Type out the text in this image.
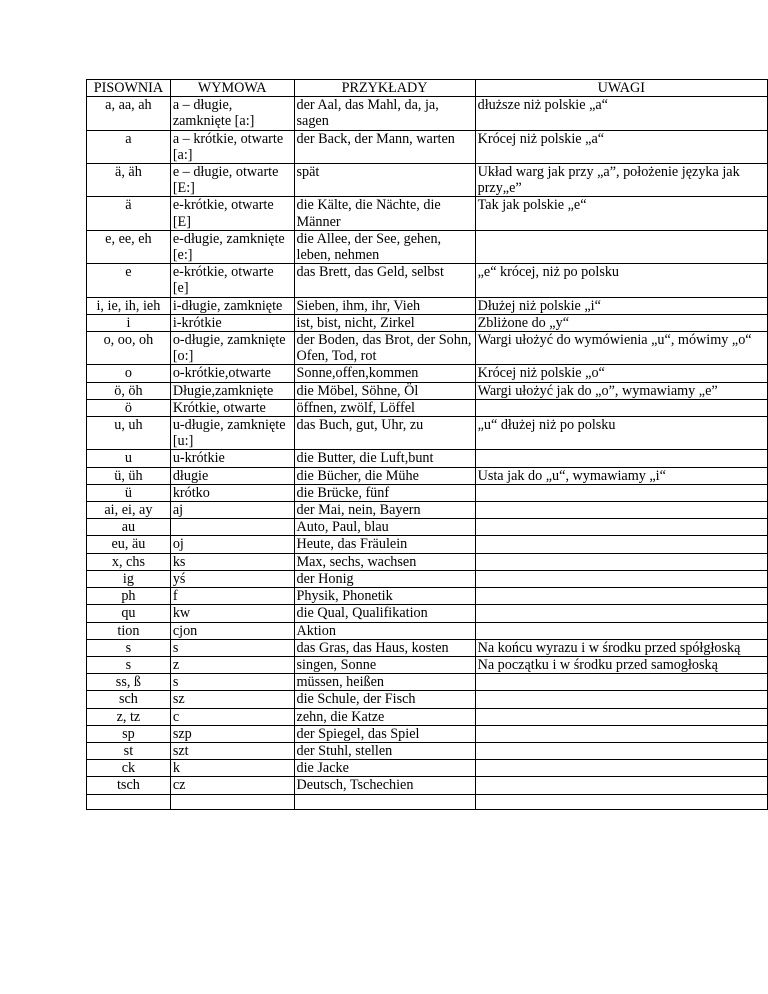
PISOWNIA	WYMOWA	PRZYKŁADY	UWAGI
a, aa, ah	a – długie, zamknięte [a:]	der Aal, das Mahl, da, ja, sagen	dłuższe niż polskie „a“
a	a – krótkie, otwarte [a:]	der Back, der Mann, warten	Krócej niż polskie „a“
ä, äh	e – długie, otwarte [E:]	spät	Układ warg jak przy „a”, położenie języka jak przy„e”
ä	e-krótkie, otwarte [E]	die Kälte, die Nächte, die Männer	Tak jak polskie „e“
e, ee, eh	e-długie, zamknięte [e:]	die Allee, der See, gehen, leben, nehmen	
e	e-krótkie, otwarte [e]	das Brett, das Geld, selbst	„e“ krócej, niż po polsku
i, ie, ih, ieh	i-długie, zamknięte	Sieben, ihm, ihr, Vieh	Dłużej niż polskie „i“
i	i-krótkie	ist, bist, nicht, Zirkel	Zbliżone do „y“
o, oo, oh	o-długie, zamknięte [o:]	der Boden, das Brot, der Sohn, Ofen, Tod, rot	Wargi ułożyć do wymówienia „u“, mówimy „o“
o	o-krótkie,otwarte	Sonne,offen,kommen	Krócej niż polskie „o“
ö, öh	Długie,zamknięte	die Möbel, Söhne, Öl	Wargi ułożyć jak do „o”, wymawiamy „e”
ö	Krótkie, otwarte	öffnen, zwölf, Löffel	
u, uh	u-długie, zamknięte [u:]	das Buch, gut, Uhr, zu	„u“ dłużej niż po polsku
u	u-krótkie	die Butter, die Luft,bunt	
ü, üh	długie	die Bücher, die Mühe	Usta jak do „u“, wymawiamy „i“
ü	krótko	die Brücke, fünf	
ai, ei, ay	aj	der Mai, nein, Bayern	
au		Auto, Paul, blau	
eu, äu	oj	Heute, das Fräulein	
x, chs	ks	Max, sechs, wachsen	
ig	yś	der Honig	
ph	f	Physik, Phonetik	
qu	kw	die Qual, Qualifikation	
tion	cjon	Aktion	
s	s	das Gras, das Haus, kosten	Na końcu wyrazu i w środku przed spółgłoską
s	z	singen, Sonne	Na początku i w środku przed samogłoską
ss, ß	s	müssen, heißen	
sch	sz	die Schule, der Fisch	
z, tz	c	zehn, die Katze	
sp	szp	der Spiegel, das Spiel	
st	szt	der Stuhl, stellen	
ck	k	die Jacke	
tsch	cz	Deutsch, Tschechien	
